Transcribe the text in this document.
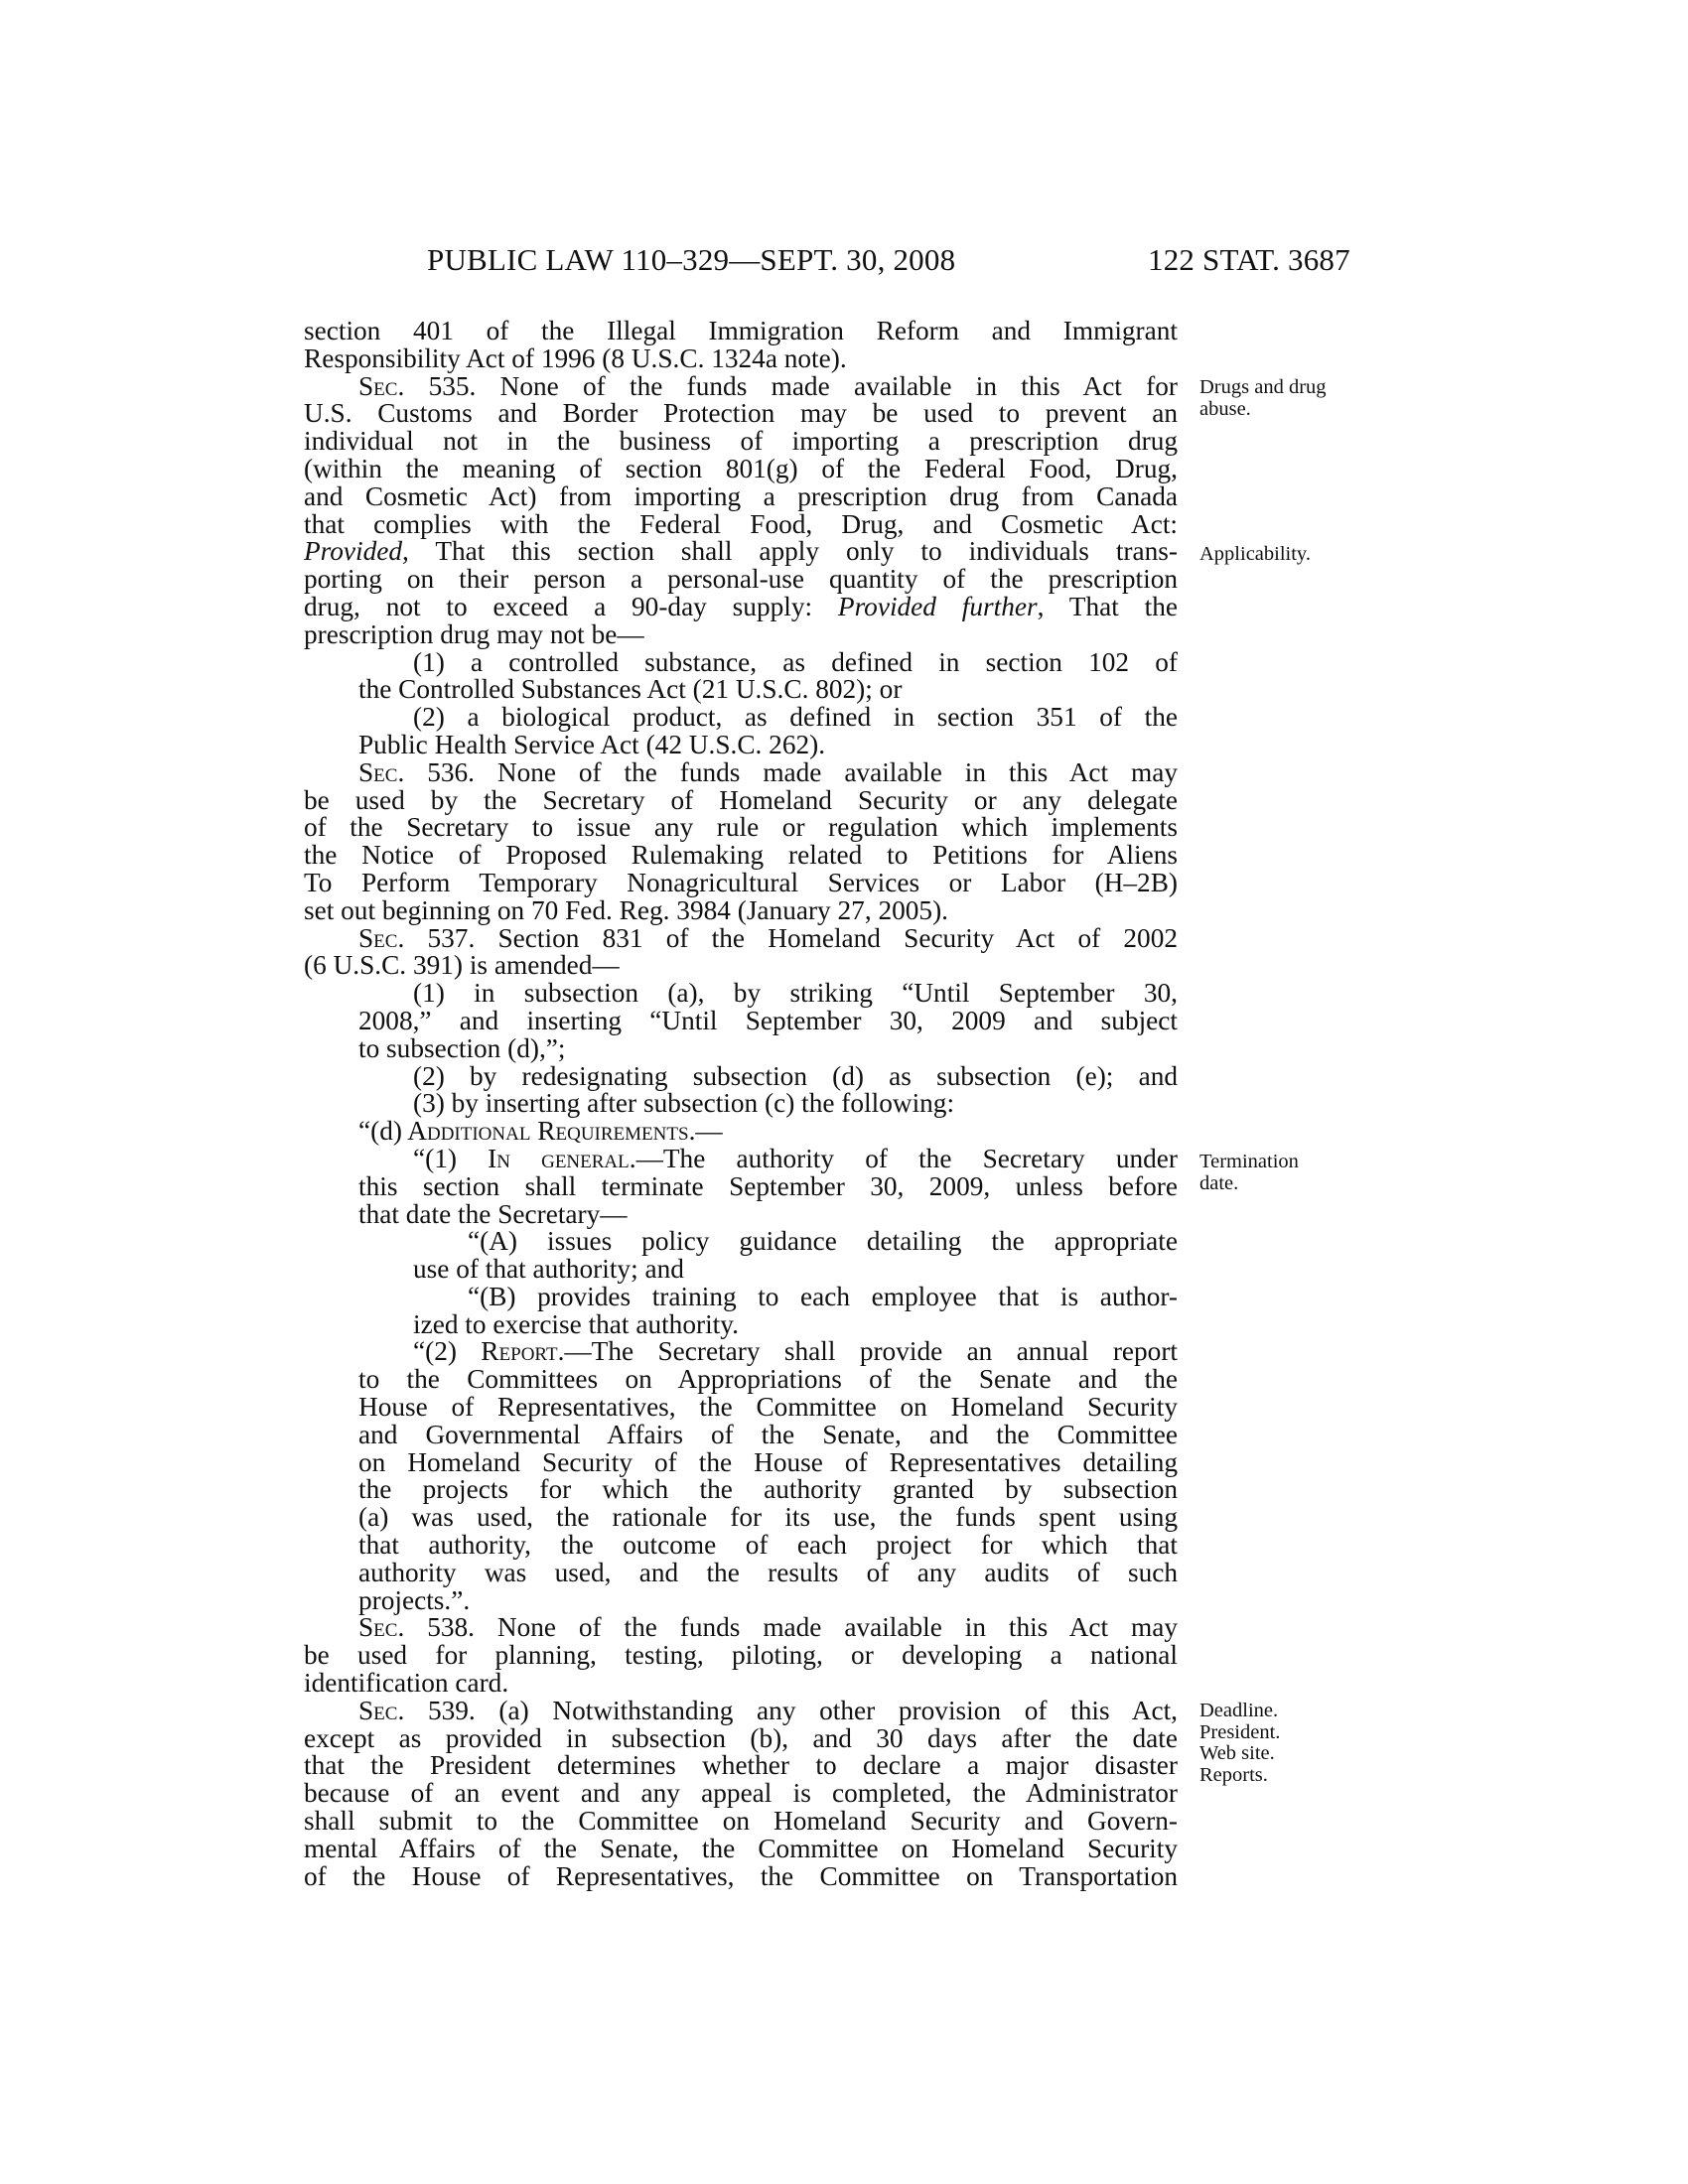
PUBLIC LAW 110–329—SEPT. 30, 2008	122 STAT. 3687
section 401 of the Illegal Immigration Reform and Immigrant
Responsibility Act of 1996 (8 U.S.C. 1324a note).
Sec. 535. None of the funds made available in this Act for
U.S. Customs and Border Protection may be used to prevent an
individual not in the business of importing a prescription drug
(within the meaning of section 801(g) of the Federal Food, Drug,
and Cosmetic Act) from importing a prescription drug from Canada
that complies with the Federal Food, Drug, and Cosmetic Act:
Provided, That this section shall apply only to individuals trans-
porting on their person a personal-use quantity of the prescription
drug, not to exceed a 90-day supply: Provided further, That the
prescription drug may not be—
(1) a controlled substance, as defined in section 102 of
the Controlled Substances Act (21 U.S.C. 802); or
(2) a biological product, as defined in section 351 of the
Public Health Service Act (42 U.S.C. 262).
Sec. 536. None of the funds made available in this Act may
be used by the Secretary of Homeland Security or any delegate
of the Secretary to issue any rule or regulation which implements
the Notice of Proposed Rulemaking related to Petitions for Aliens
To Perform Temporary Nonagricultural Services or Labor (H–2B)
set out beginning on 70 Fed. Reg. 3984 (January 27, 2005).
Sec. 537. Section 831 of the Homeland Security Act of 2002
(6 U.S.C. 391) is amended—
(1) in subsection (a), by striking “Until September 30,
2008,” and inserting “Until September 30, 2009 and subject
to subsection (d),”;
(2) by redesignating subsection (d) as subsection (e); and
(3) by inserting after subsection (c) the following:
“(d) Additional Requirements.—
“(1) In general.—The authority of the Secretary under
this section shall terminate September 30, 2009, unless before
that date the Secretary—
“(A) issues policy guidance detailing the appropriate
use of that authority; and
“(B) provides training to each employee that is author-
ized to exercise that authority.
“(2) Report.—The Secretary shall provide an annual report
to the Committees on Appropriations of the Senate and the
House of Representatives, the Committee on Homeland Security
and Governmental Affairs of the Senate, and the Committee
on Homeland Security of the House of Representatives detailing
the projects for which the authority granted by subsection
(a) was used, the rationale for its use, the funds spent using
that authority, the outcome of each project for which that
authority was used, and the results of any audits of such
projects.”.
Sec. 538. None of the funds made available in this Act may
be used for planning, testing, piloting, or developing a national
identification card.
Sec. 539. (a) Notwithstanding any other provision of this Act,
except as provided in subsection (b), and 30 days after the date
that the President determines whether to declare a major disaster
because of an event and any appeal is completed, the Administrator
shall submit to the Committee on Homeland Security and Govern-
mental Affairs of the Senate, the Committee on Homeland Security
of the House of Representatives, the Committee on Transportation
Drugs and drug
abuse.
Applicability.
Termination
date.
Deadline.
President.
Web site.
Reports.
